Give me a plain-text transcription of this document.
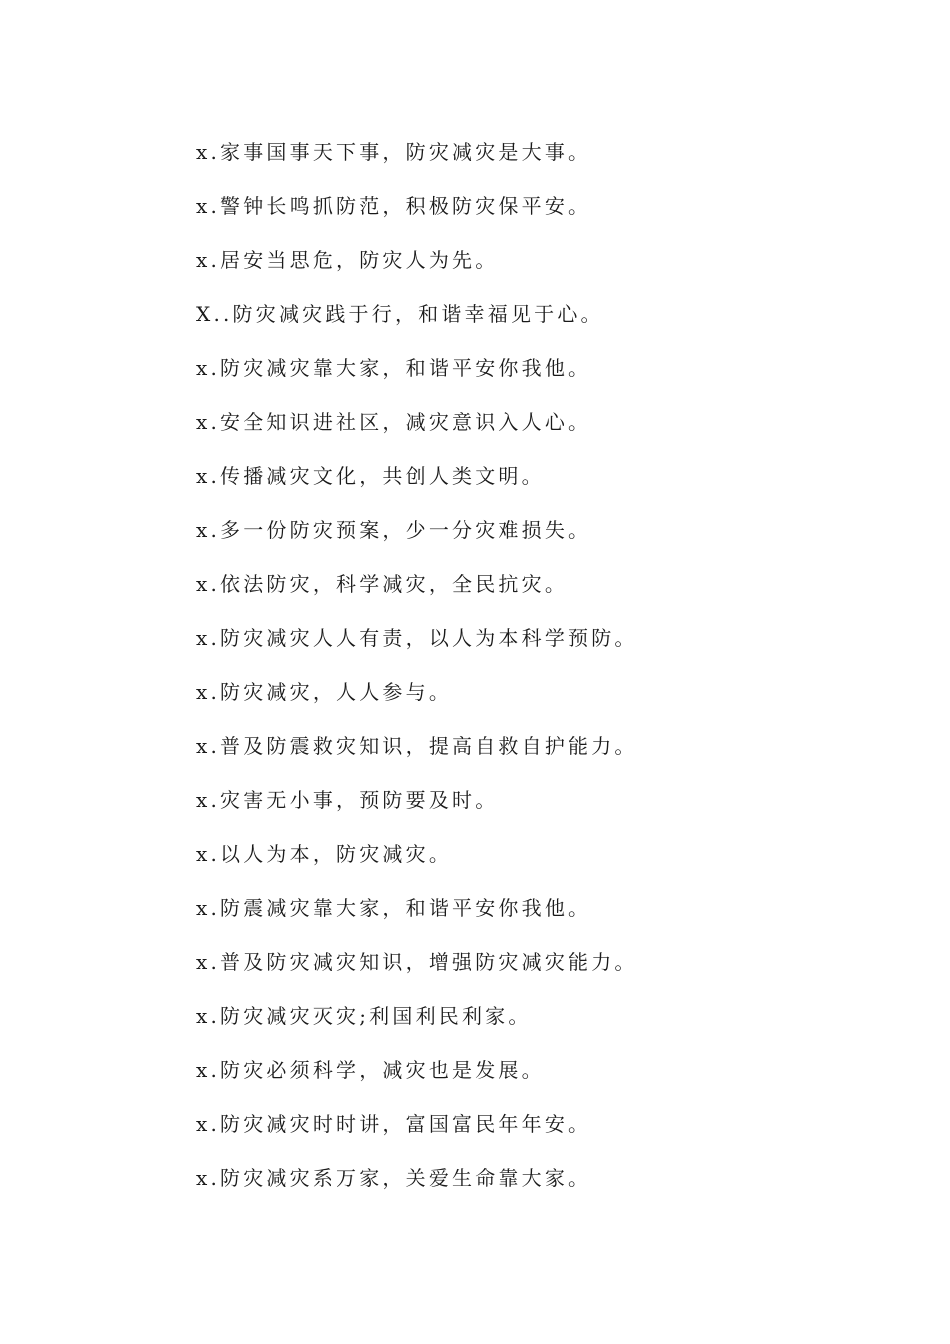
x.家事国事天下事，防灾减灾是大事。
x.警钟长鸣抓防范，积极防灾保平安。
x.居安当思危，防灾人为先。
X..防灾减灾践于行，和谐幸福见于心。
x.防灾减灾靠大家，和谐平安你我他。
x.安全知识进社区，减灾意识入人心。
x.传播减灾文化，共创人类文明。
x.多一份防灾预案，少一分灾难损失。
x.依法防灾，科学减灾，全民抗灾。
x.防灾减灾人人有责，以人为本科学预防。
x.防灾减灾，人人参与。
x.普及防震救灾知识，提高自救自护能力。
x.灾害无小事，预防要及时。
x.以人为本，防灾减灾。
x.防震减灾靠大家，和谐平安你我他。
x.普及防灾减灾知识，增强防灾减灾能力。
x.防灾减灾灭灾;利国利民利家。
x.防灾必须科学，减灾也是发展。
x.防灾减灾时时讲，富国富民年年安。
x.防灾减灾系万家，关爱生命靠大家。
